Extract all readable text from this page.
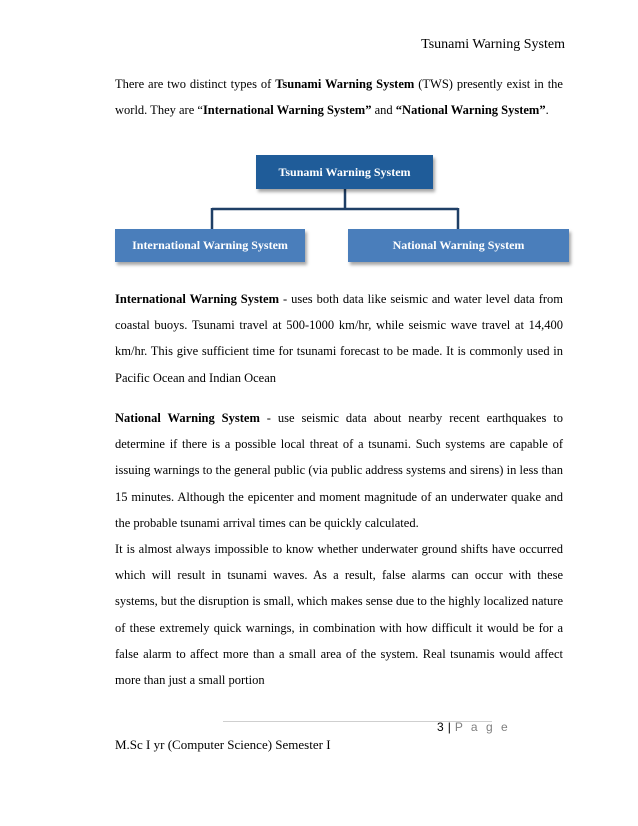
Tsunami Warning System
There are two distinct types of Tsunami Warning System (TWS) presently exist in the
world. They are “International Warning System” and “National Warning System”.
Tsunami Warning System
International Warning System	National Warning System
International Warning System - uses both data like seismic and water level data from
coastal buoys. Tsunami travel at 500-1000 km/hr, while seismic wave travel at 14,400
km/hr. This give sufficient time for tsunami forecast to be made. It is commonly used in
Pacific Ocean and Indian Ocean
National Warning System - use seismic data about nearby recent earthquakes to
determine if there is a possible local threat of a tsunami. Such systems are capable of
issuing warnings to the general public (via public address systems and sirens) in less than
15 minutes. Although the epicenter and moment magnitude of an underwater quake and
the probable tsunami arrival times can be quickly calculated.
It is almost always impossible to know whether underwater ground shifts have occurred
which will result in tsunami waves. As a result, false alarms can occur with these
systems, but the disruption is small, which makes sense due to the highly localized nature
of these extremely quick warnings, in combination with how difficult it would be for a
false alarm to affect more than a small area of the system. Real tsunamis would affect
more than just a small portion
3 | P a g e
M.Sc I yr (Computer Science) Semester I
